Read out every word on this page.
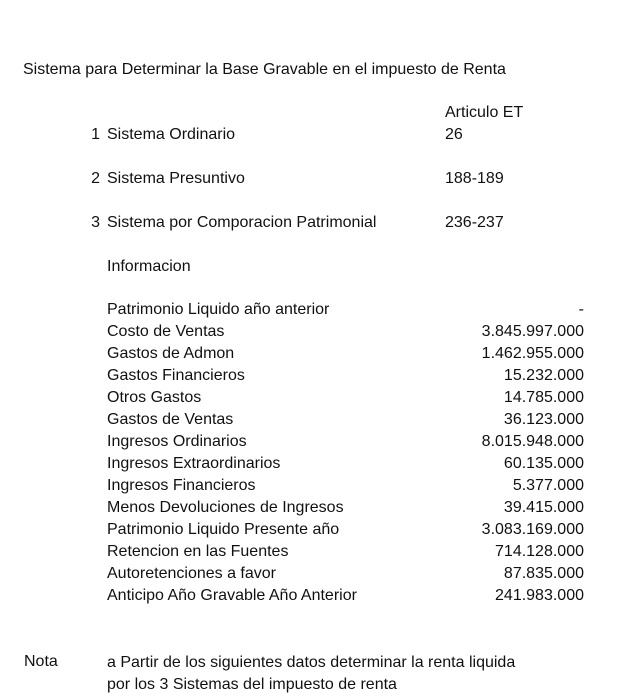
Sistema para Determinar la Base Gravable en el impuesto de Renta
Articulo ET
1 Sistema Ordinario	26
2 Sistema Presuntivo	188-189
3 Sistema por Comporacion Patrimonial	236-237
Informacion
Patrimonio Liquido año anterior	-
Costo de Ventas	3.845.997.000
Gastos de Admon	1.462.955.000
Gastos Financieros	15.232.000
Otros Gastos	14.785.000
Gastos de Ventas	36.123.000
Ingresos Ordinarios	8.015.948.000
Ingresos Extraordinarios	60.135.000
Ingresos Financieros	5.377.000
Menos Devoluciones de Ingresos	39.415.000
Patrimonio Liquido Presente año	3.083.169.000
Retencion en las Fuentes	714.128.000
Autoretenciones a favor	87.835.000
Anticipo Año Gravable Año Anterior	241.983.000
Nota	a Partir de los siguientes datos determinar la renta liquida
por los 3 Sistemas del impuesto de renta
